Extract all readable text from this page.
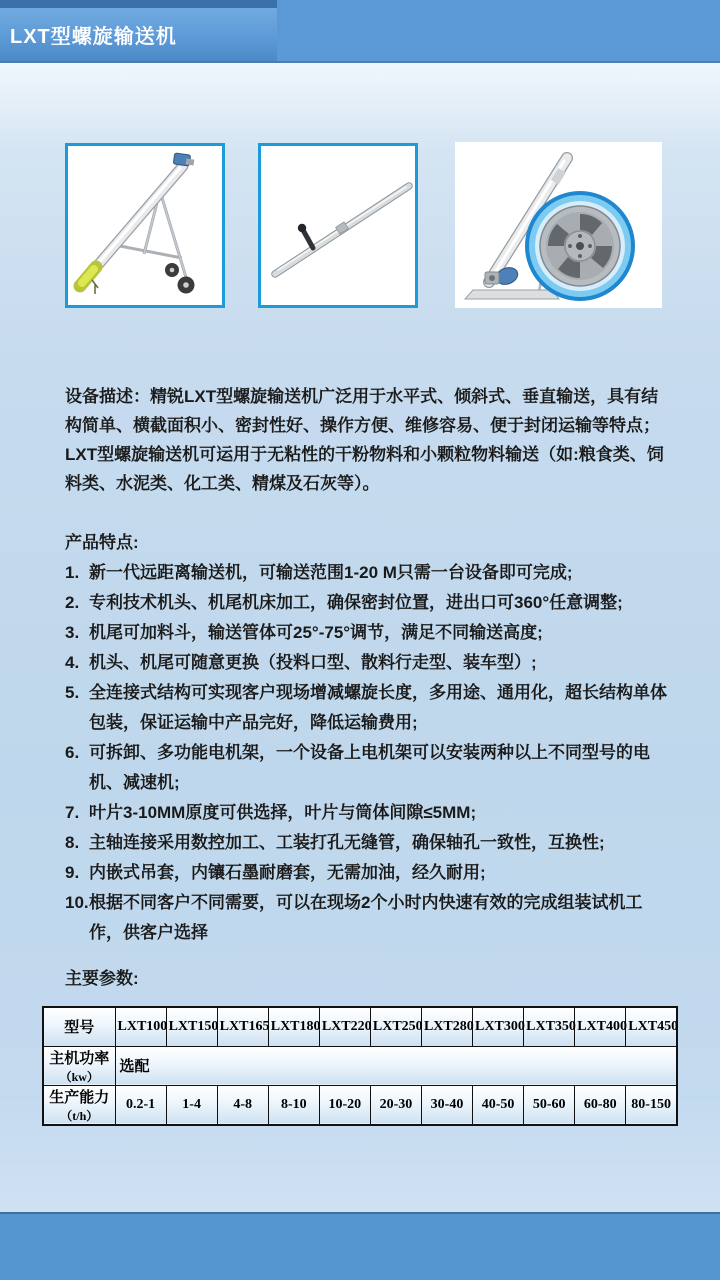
LXT型螺旋输送机
设备描述：精锐LXT型螺旋输送机广泛用于水平式、倾斜式、垂直输送，具有结构简单、横截面积小、密封性好、操作方便、维修容易、便于封闭运输等特点；LXT型螺旋输送机可运用于无粘性的干粉物料和小颗粒物料输送（如:粮食类、饲料类、水泥类、化工类、精煤及石灰等）。
产品特点:
1. 新一代远距离输送机，可输送范围1-20 M只需一台设备即可完成;
2. 专利技术机头、机尾机床加工，确保密封位置，进出口可360°任意调整;
3. 机尾可加料斗，输送管体可25°-75°调节，满足不同输送高度;
4. 机头、机尾可随意更换（投料口型、散料行走型、装车型）;
5. 全连接式结构可实现客户现场增减螺旋长度，多用途、通用化，超长结构单体包装，保证运输中产品完好，降低运输费用;
6. 可拆卸、多功能电机架，一个设备上电机架可以安装两种以上不同型号的电机、减速机;
7. 叶片3-10MM原度可供选择，叶片与筒体间隙≤5MM;
8. 主轴连接采用数控加工、工装打孔无缝管，确保轴孔一致性，互换性;
9. 内嵌式吊套，内镶石墨耐磨套，无需加油，经久耐用;
10. 根据不同客户不同需要，可以在现场2个小时内快速有效的完成组装试机工作，供客户选择
主要参数:
型号	LXT100	LXT150	LXT165	LXT180	LXT220	LXT250	LXT280	LXT300	LXT350	LXT400	LXT450

主机功率
（kw）	选配										

生产能力
（t/h）	0.2-1	1-4	4-8	8-10	10-20	20-30	30-40	40-50	50-60	60-80	80-150
